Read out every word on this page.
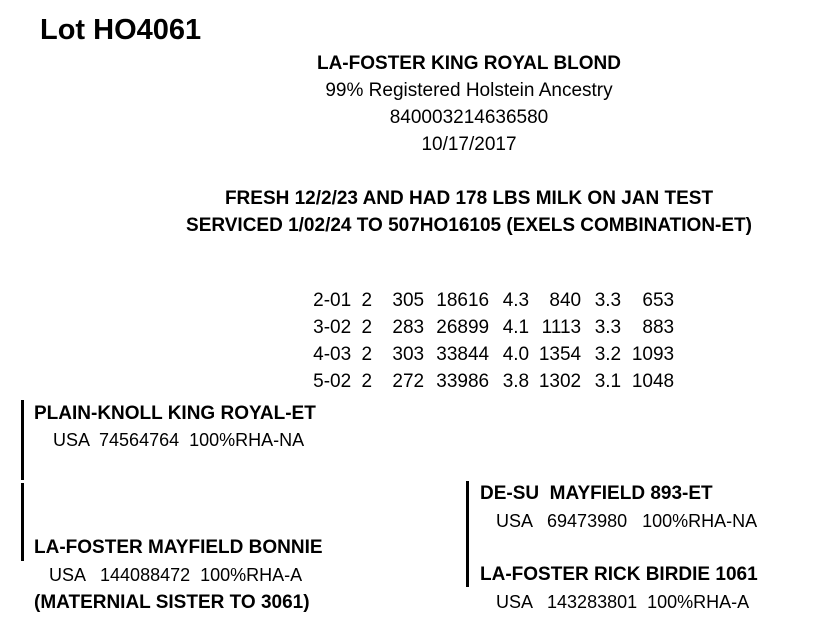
Lot HO4061
LA-FOSTER KING ROYAL BLOND
99% Registered Holstein Ancestry
840003214636580
10/17/2017
FRESH 12/2/23 AND HAD 178 LBS MILK ON JAN TEST
SERVICED 1/02/24 TO 507HO16105 (EXELS COMBINATION-ET)

2-01 2 305 18616 4.3 840 3.3 653

3-02 2 283 26899 4.1 1113 3.3 883

4-03 2 303 33844 4.0 1354 3.2 1093

5-02 2 272 33986 3.8 1302 3.1 1048

PLAIN-KNOLL KING ROYAL-ET
USA  74564764  100%RHA-NA
LA-FOSTER MAYFIELD BONNIE
USA   144088472  100%RHA-A
(MATERNIAL SISTER TO 3061)
DE-SU  MAYFIELD 893-ET
USA   69473980   100%RHA-NA
LA-FOSTER RICK BIRDIE 1061
USA   143283801  100%RHA-A
